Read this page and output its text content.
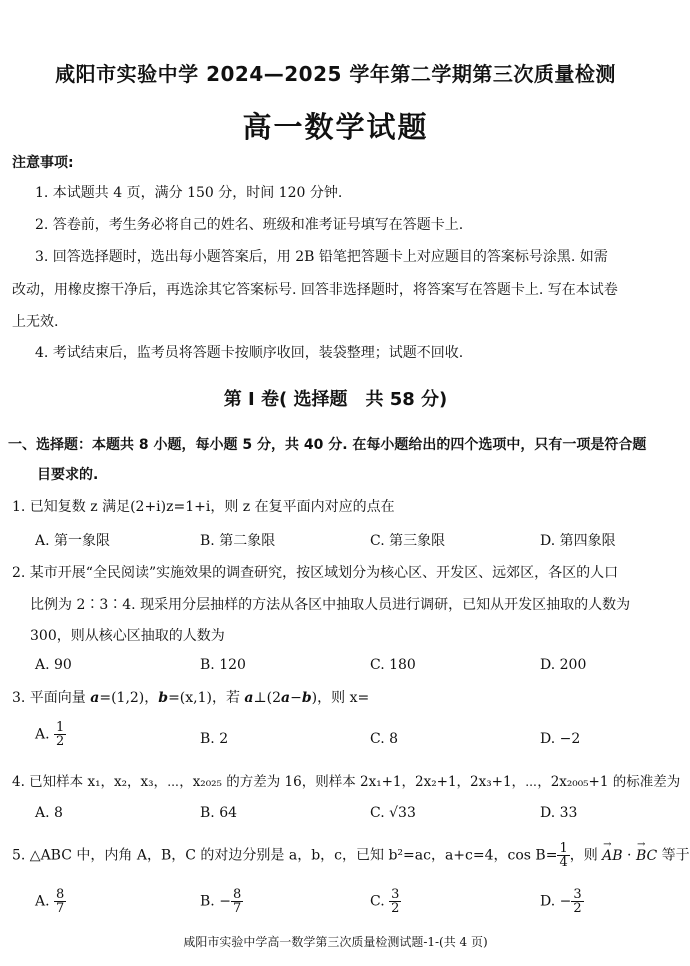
咸阳市实验中学 2024—2025 学年第二学期第三次质量检测
高一数学试题
注意事项:
1. 本试题共 4 页，满分 150 分，时间 120 分钟.
2. 答卷前，考生务必将自己的姓名、班级和准考证号填写在答题卡上.
3. 回答选择题时，选出每小题答案后，用 2B 铅笔把答题卡上对应题目的答案标号涂黑. 如需
改动，用橡皮擦干净后，再选涂其它答案标号. 回答非选择题时，将答案写在答题卡上. 写在本试卷
上无效.
4. 考试结束后，监考员将答题卡按顺序收回，装袋整理；试题不回收.
第 Ⅰ 卷( 选择题　共 58 分)
一、选择题：本题共 8 小题，每小题 5 分，共 40 分. 在每小题给出的四个选项中，只有一项是符合题
目要求的.
1. 已知复数 z 满足(2+i)z=1+i，则 z 在复平面内对应的点在
A. 第一象限	B. 第二象限	C. 第三象限	D. 第四象限
2. 某市开展“全民阅读”实施效果的调查研究，按区域划分为核心区、开发区、远郊区，各区的人口
比例为 2∶3∶4. 现采用分层抽样的方法从各区中抽取人员进行调研，已知从开发区抽取的人数为
300，则从核心区抽取的人数为
A. 90	B. 120	C. 180	D. 200
3. 平面向量 a=(1,2)，b=(x,1)，若 a⊥(2a−b)，则 x=
A. $\frac{1}{2}$	B. 2	C. 8	D. −2
4. 已知样本 x₁，x₂，x₃，⋯，x₂₀₂₅ 的方差为 16，则样本 2x₁+1，2x₂+1，2x₃+1，⋯，2x₂₀₀₅+1 的标准差为
A. 8	B. 64	C. √33	D. 33
5. △ABC 中，内角 A，B，C 的对边分别是 a，b，c，已知 b²=ac，a+c=4，$\cos B= \frac{1}{4}$ ，则 → AB · → BC 等于
A. $\frac{8}{7}$	B. − $\frac{8}{7}$	C. $\frac{3}{2}$	D. − $\frac{3}{2}$
咸阳市实验中学高一数学第三次质量检测试题-1-(共 4 页)
